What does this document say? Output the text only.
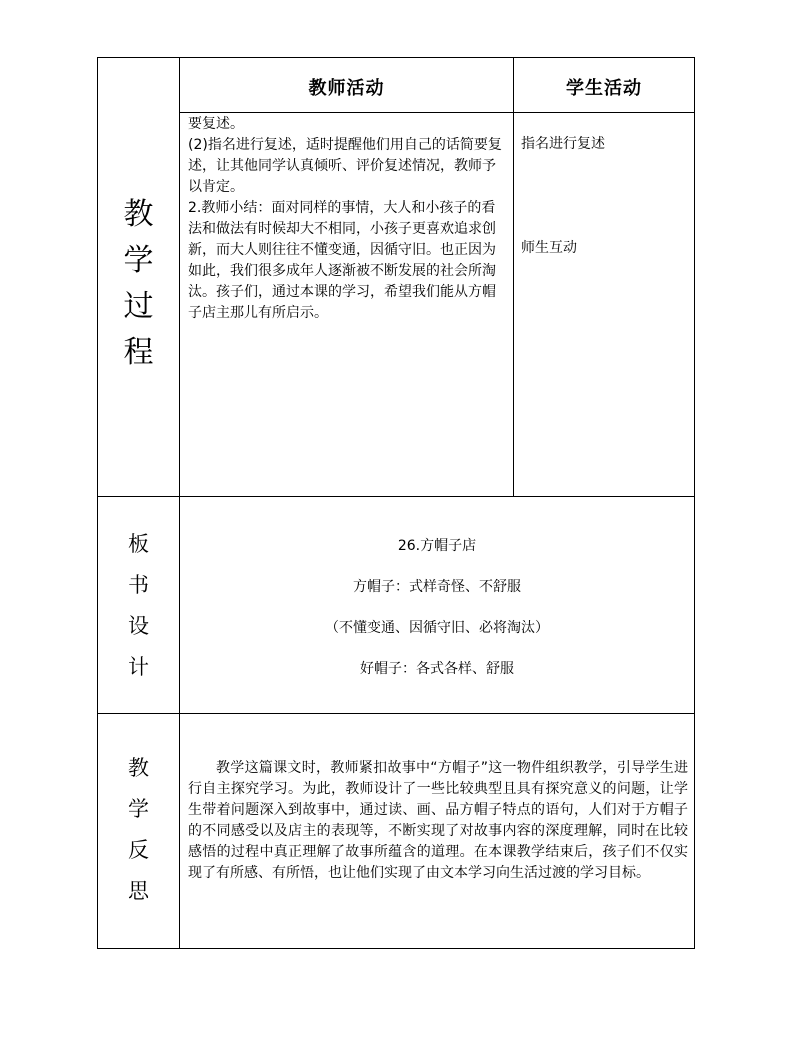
教师活动	学生活动
教
学
过
程

要复述。

(2)指名进行复述，适时提醒他们用自己的话简要复述，让其他同学认真倾听、评价复述情况，教师予以肯定。

2.教师小结：面对同样的事情，大人和小孩子的看法和做法有时候却大不相同，小孩子更喜欢追求创新，而大人则往往不懂变通，因循守旧。也正因为如此，我们很多成年人逐渐被不断发展的社会所淘汰。孩子们，通过本课的学习，希望我们能从方帽子店主那儿有所启示。

指名进行复述
师生互动
板
书
设
计
26.方帽子店
方帽子：式样奇怪、不舒服
（不懂变通、因循守旧、必将淘汰）
好帽子：各式各样、舒服
教
学
反
思
教学这篇课文时，教师紧扣故事中“方帽子”这一物件组织教学，引导学生进行自主探究学习。为此，教师设计了一些比较典型且具有探究意义的问题，让学生带着问题深入到故事中，通过读、画、品方帽子特点的语句，人们对于方帽子的不同感受以及店主的表现等，不断实现了对故事内容的深度理解，同时在比较感悟的过程中真正理解了故事所蕴含的道理。在本课教学结束后，孩子们不仅实现了有所感、有所悟，也让他们实现了由文本学习向生活过渡的学习目标。
